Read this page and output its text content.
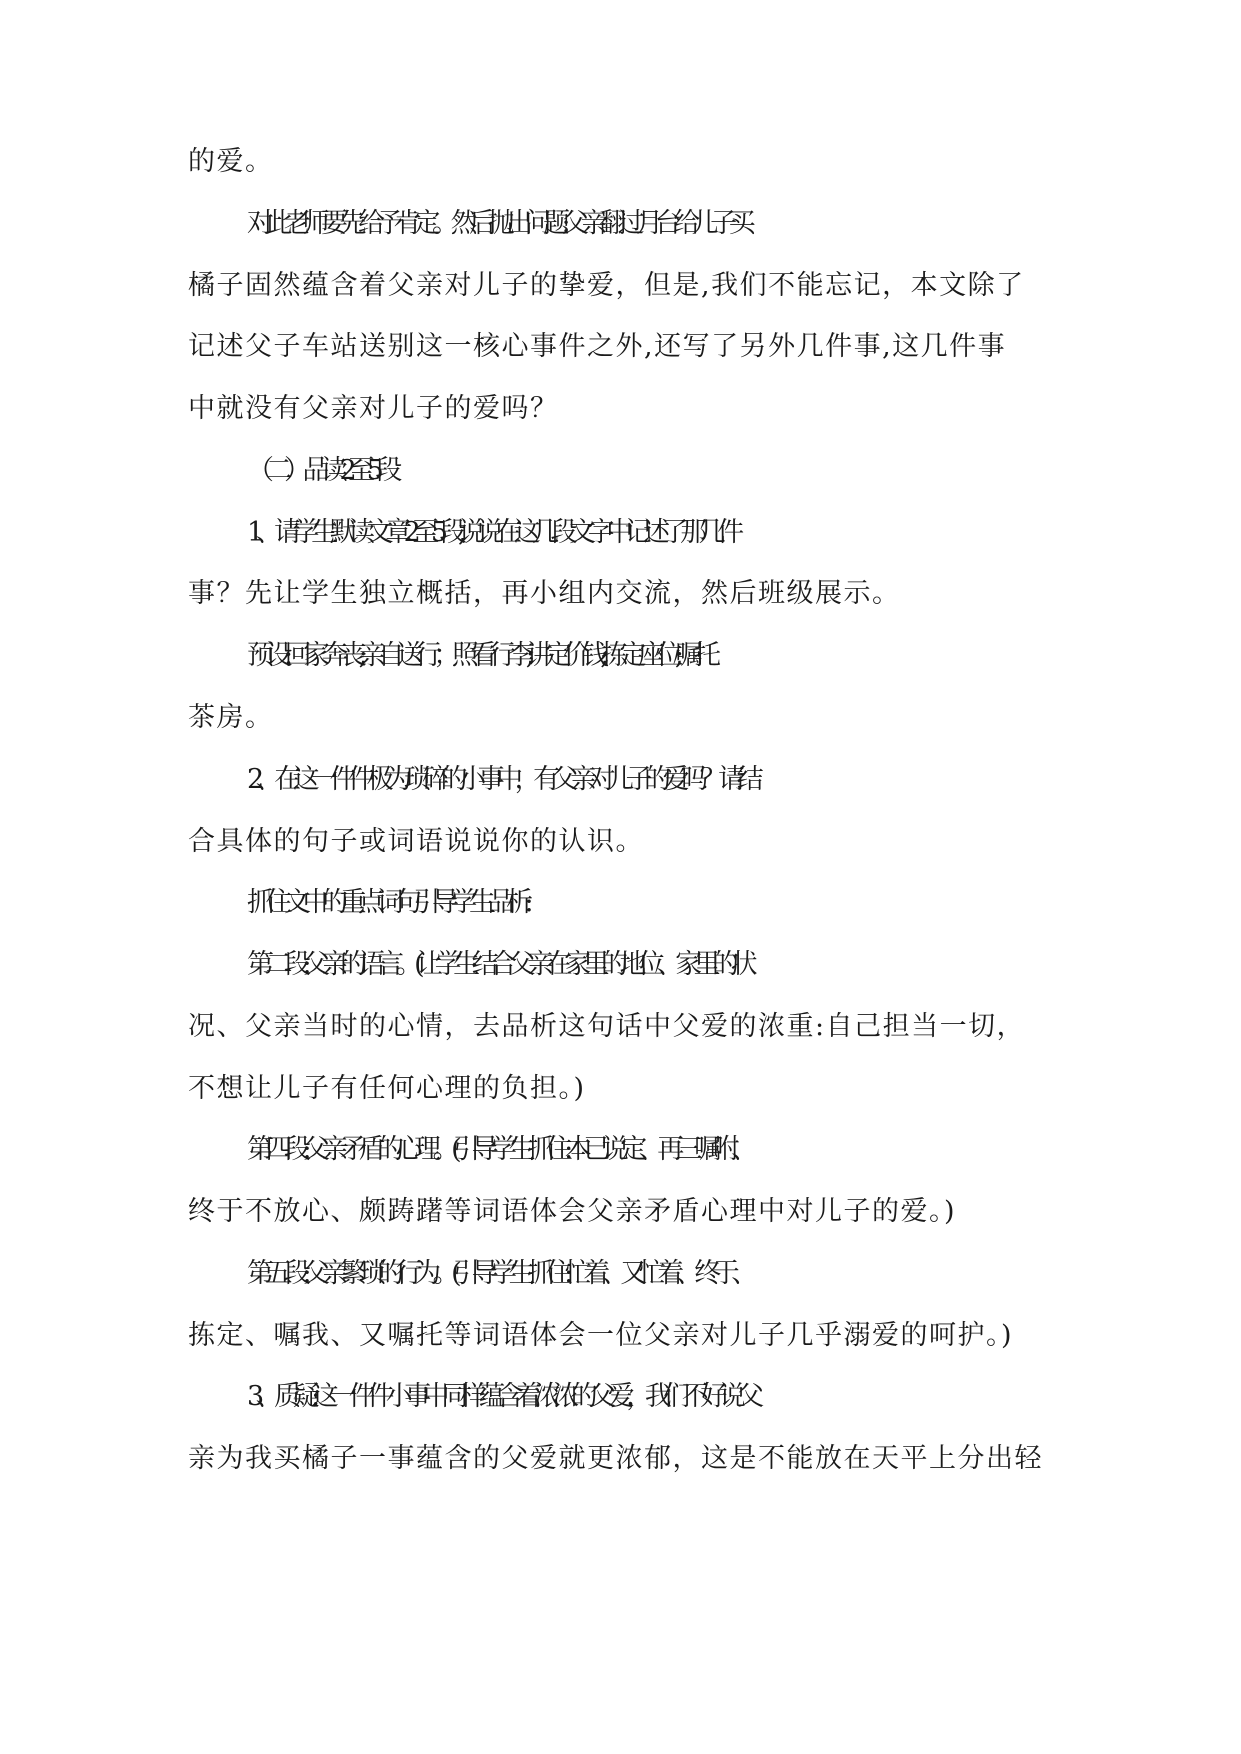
的爱。
对此老师要先给予肯定。然后抛出问题:父亲翻过月台给儿子买
橘子固然蕴含着父亲对儿子的挚爱，但是,我们不能忘记，本文除了
记述父子车站送别这一核心事件之外,还写了另外几件事,这几件事
中就没有父亲对儿子的爱吗？
（二）品读2至5段
1、请学生默读文章2至5段,说说在这几段文字中记述了那几件
事？先让学生独立概括，再小组内交流，然后班级展示。
预设:回家奔丧;亲自送行；照看行李;讲定价钱;拣定座位;嘱托
茶房。
2、在这一件件极为琐碎的小事中，有父亲对儿子的爱吗？请结
合具体的句子或词语说说你的认识。
抓住文中的重点词句引导学生品析:
第二段:父亲的语言。(让学生结合父亲在家里的地位、家里的状
况、父亲当时的心情，去品析这句话中父爱的浓重:自己担当一切，
不想让儿子有任何心理的负担。)
第四段:父亲矛盾的心理。(引导学生抓住:本已说定、再三嘱咐、
终于不放心、颇踌躇等词语体会父亲矛盾心理中对儿子的爱。)
第五段:父亲繁琐的行为。(引导学生抓住:忙着、又忙着、终于、
拣定、嘱我、又嘱托等词语体会一位父亲对儿子几乎溺爱的呵护。)
3、质疑:这一件件小事中同样蕴含着浓浓的父爱，我们不好说父
亲为我买橘子一事蕴含的父爱就更浓郁，这是不能放在天平上分出轻
